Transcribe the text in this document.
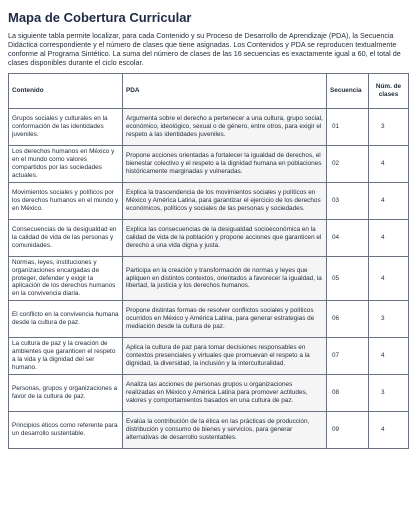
Mapa de Cobertura Curricular

La siguiente tabla permite localizar, para cada Contenido y su Proceso de Desarrollo de Aprendizaje (PDA), la Secuencia Didáctica correspondiente y el número de clases que tiene asignadas. Los Contenidos y PDA se reproducen textualmente conforme al Programa Sintético. La suma del número de clases de las 16 secuencias es exactamente igual a 60, el total de clases disponibles durante el ciclo escolar.

Contenido	PDA	Secuencia	Núm. de clases
Grupos sociales y culturales en la conformación de las identidades juveniles.	Argumenta sobre el derecho a pertenecer a una cultura, grupo social, económico, ideológico, sexual o de género, entre otros, para exigir el respeto a las identidades juveniles.	01	3
Los derechos humanos en México y en el mundo como valores compartidos por las sociedades actuales.	Propone acciones orientadas a fortalecer la igualdad de derechos, el bienestar colectivo y el respeto a la dignidad humana en poblaciones históricamente marginadas y vulneradas.	02	4
Movimientos sociales y políticos por los derechos humanos en el mundo y en México.	Explica la trascendencia de los movimientos sociales y políticos en México y América Latina, para garantizar el ejercicio de los derechos económicos, políticos y sociales de las personas y sociedades.	03	4
Consecuencias de la desigualdad en la calidad de vida de las personas y comunidades.	Explica las consecuencias de la desigualdad socioeconómica en la calidad de vida de la población y propone acciones que garanticen el derecho a una vida digna y justa.	04	4
Normas, leyes, instituciones y organizaciones encargadas de proteger, defender y exigir la aplicación de los derechos humanos en la convivencia diaria.	Participa en la creación y transformación de normas y leyes que apliquen en distintos contextos, orientados a favorecer la igualdad, la libertad, la justicia y los derechos humanos.	05	4
El conflicto en la convivencia humana desde la cultura de paz.	Propone distintas formas de resolver conflictos sociales y políticos ocurridos en México y América Latina, para generar estrategias de mediación desde la cultura de paz.	06	3
La cultura de paz y la creación de ambientes que garanticen el respeto a la vida y la dignidad del ser humano.	Aplica la cultura de paz para tomar decisiones responsables en contextos presenciales y virtuales que promuevan el respeto a la dignidad, la diversidad, la inclusión y la interculturalidad.	07	4
Personas, grupos y organizaciones a favor de la cultura de paz.	Analiza las acciones de personas grupos u organizaciones realizadas en México y América Latina para promover actitudes, valores y comportamientos basados en una cultura de paz.	08	3
Principios éticos como referente para un desarrollo sustentable.	Evalúa la contribución de la ética en las prácticas de producción, distribución y consumo de bienes y servicios, para generar alternativas de desarrollo sustentables.	09	4
